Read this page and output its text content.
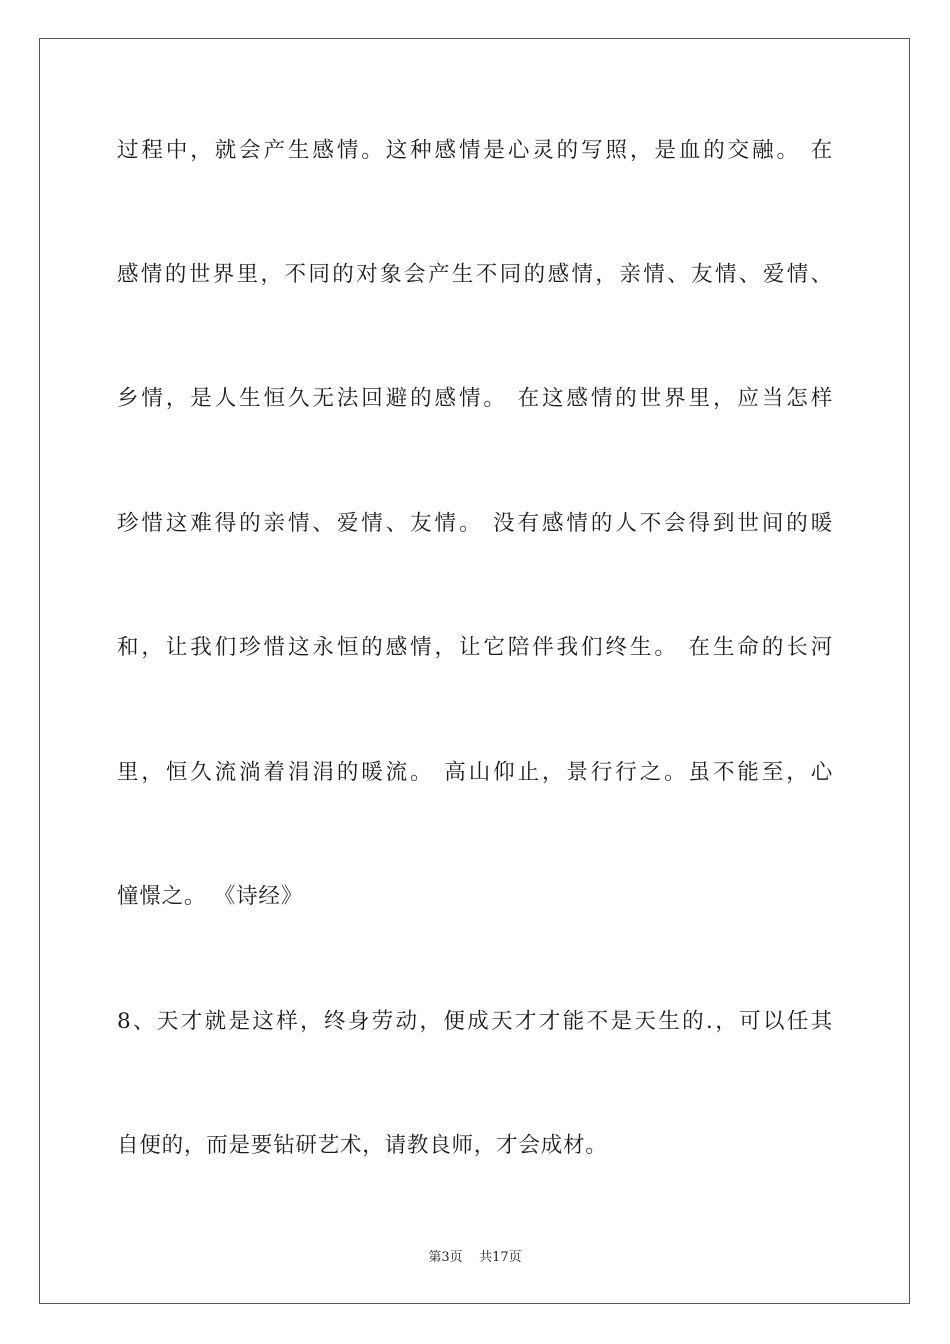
过程中，就会产生感情。这种感情是心灵的写照，是血的交融。 在
感情的世界里，不同的对象会产生不同的感情，亲情、友情、爱情、
乡情，是人生恒久无法回避的感情。 在这感情的世界里，应当怎样
珍惜这难得的亲情、爱情、友情。 没有感情的人不会得到世间的暖
和，让我们珍惜这永恒的感情，让它陪伴我们终生。 在生命的长河
里，恒久流淌着涓涓的暖流。 高山仰止，景行行之。虽不能至，心
憧憬之。 《诗经》
8、天才就是这样，终身劳动，便成天才才能不是天生的.，可以任其
自便的，而是要钻研艺术，请教良师，才会成材。
第3页 共17页
